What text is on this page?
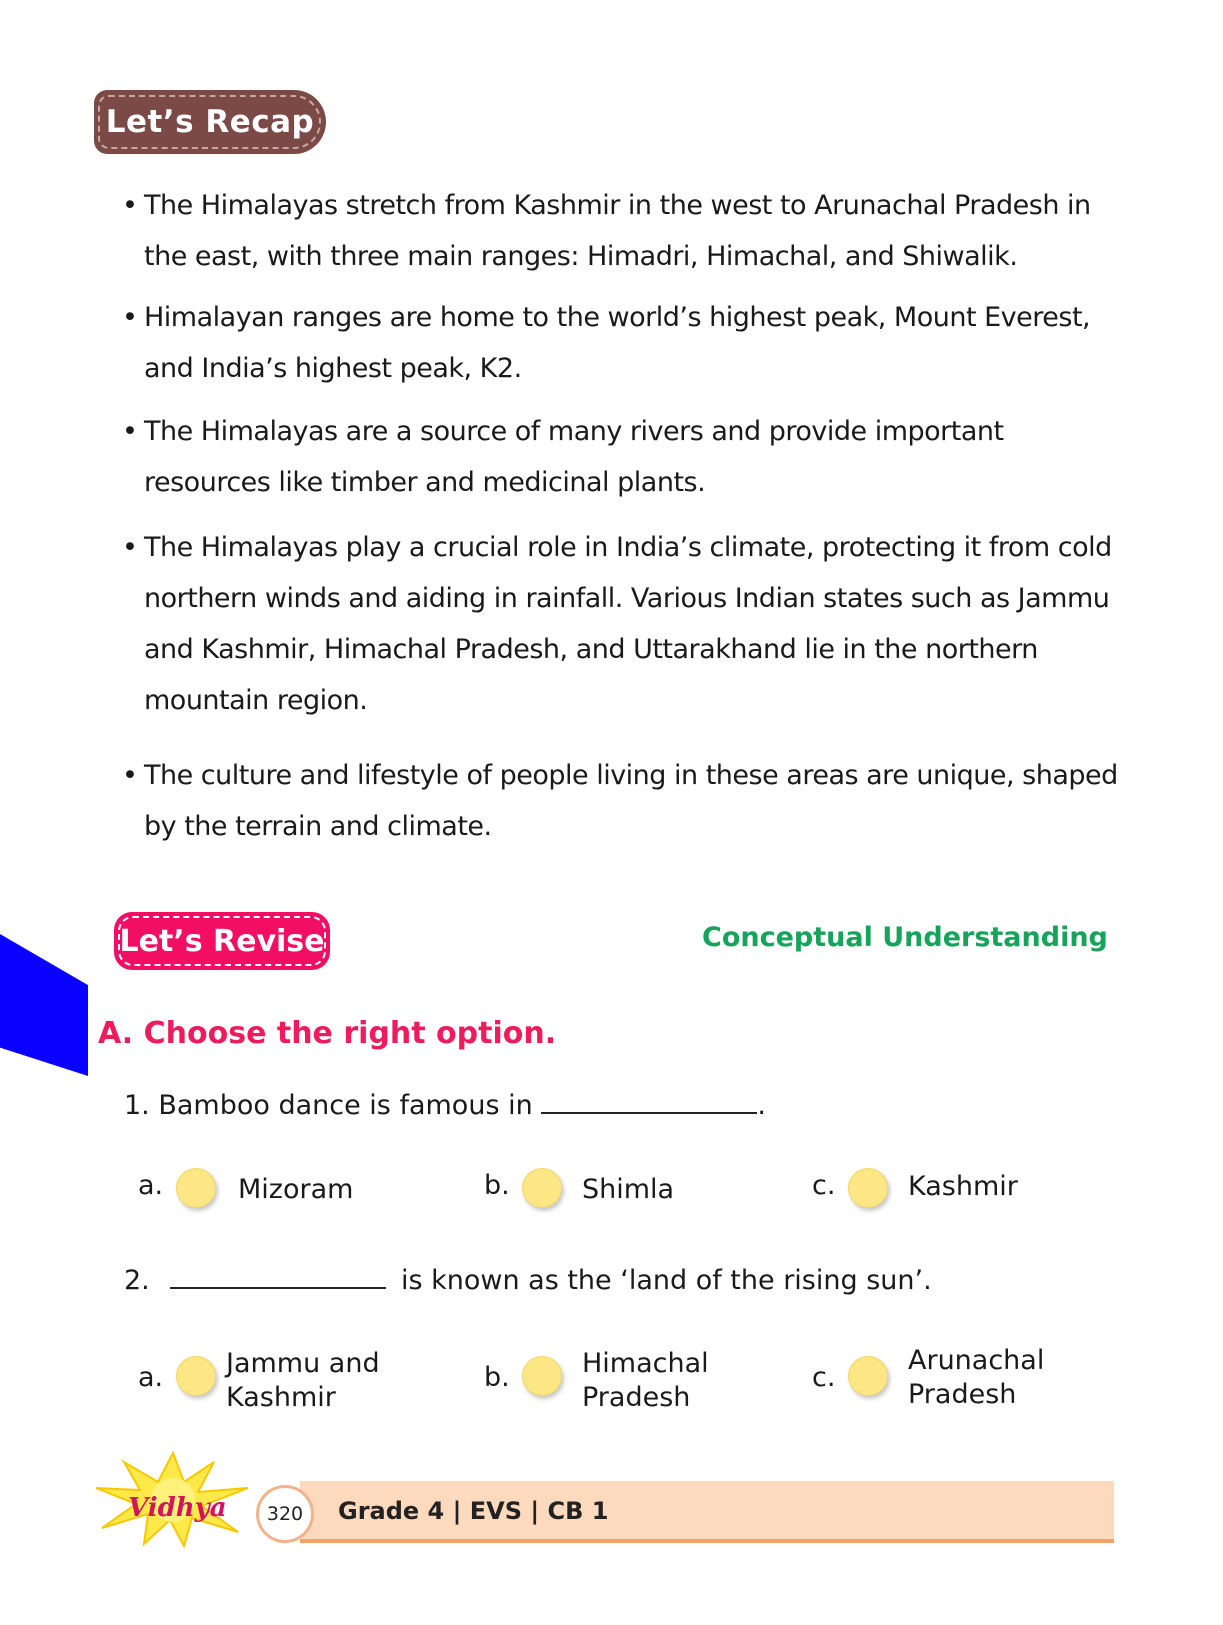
Let’s Recap
• The Himalayas stretch from Kashmir in the west to Arunachal Pradesh in the east, with three main ranges: Himadri, Himachal, and Shiwalik.
• Himalayan ranges are home to the world’s highest peak, Mount Everest, and India’s highest peak, K2.
• The Himalayas are a source of many rivers and provide important resources like timber and medicinal plants.
• The Himalayas play a crucial role in India’s climate, protecting it from cold northern winds and aiding in rainfall. Various Indian states such as Jammu and Kashmir, Himachal Pradesh, and Uttarakhand lie in the northern mountain region.
• The culture and lifestyle of people living in these areas are unique, shaped by the terrain and climate.
Let’s Revise	Conceptual Understanding
A. Choose the right option.
1. Bamboo dance is famous in	.
a.	Mizoram	b.	Shimla	c.	Kashmir
2.	is known as the ‘land of the rising sun’.
a. Jammu and Kashmir
b.	Himachal Pradesh
c.
Arunachal Pradesh
Grade 4 | EVS | CB 1
320
Vidhya
